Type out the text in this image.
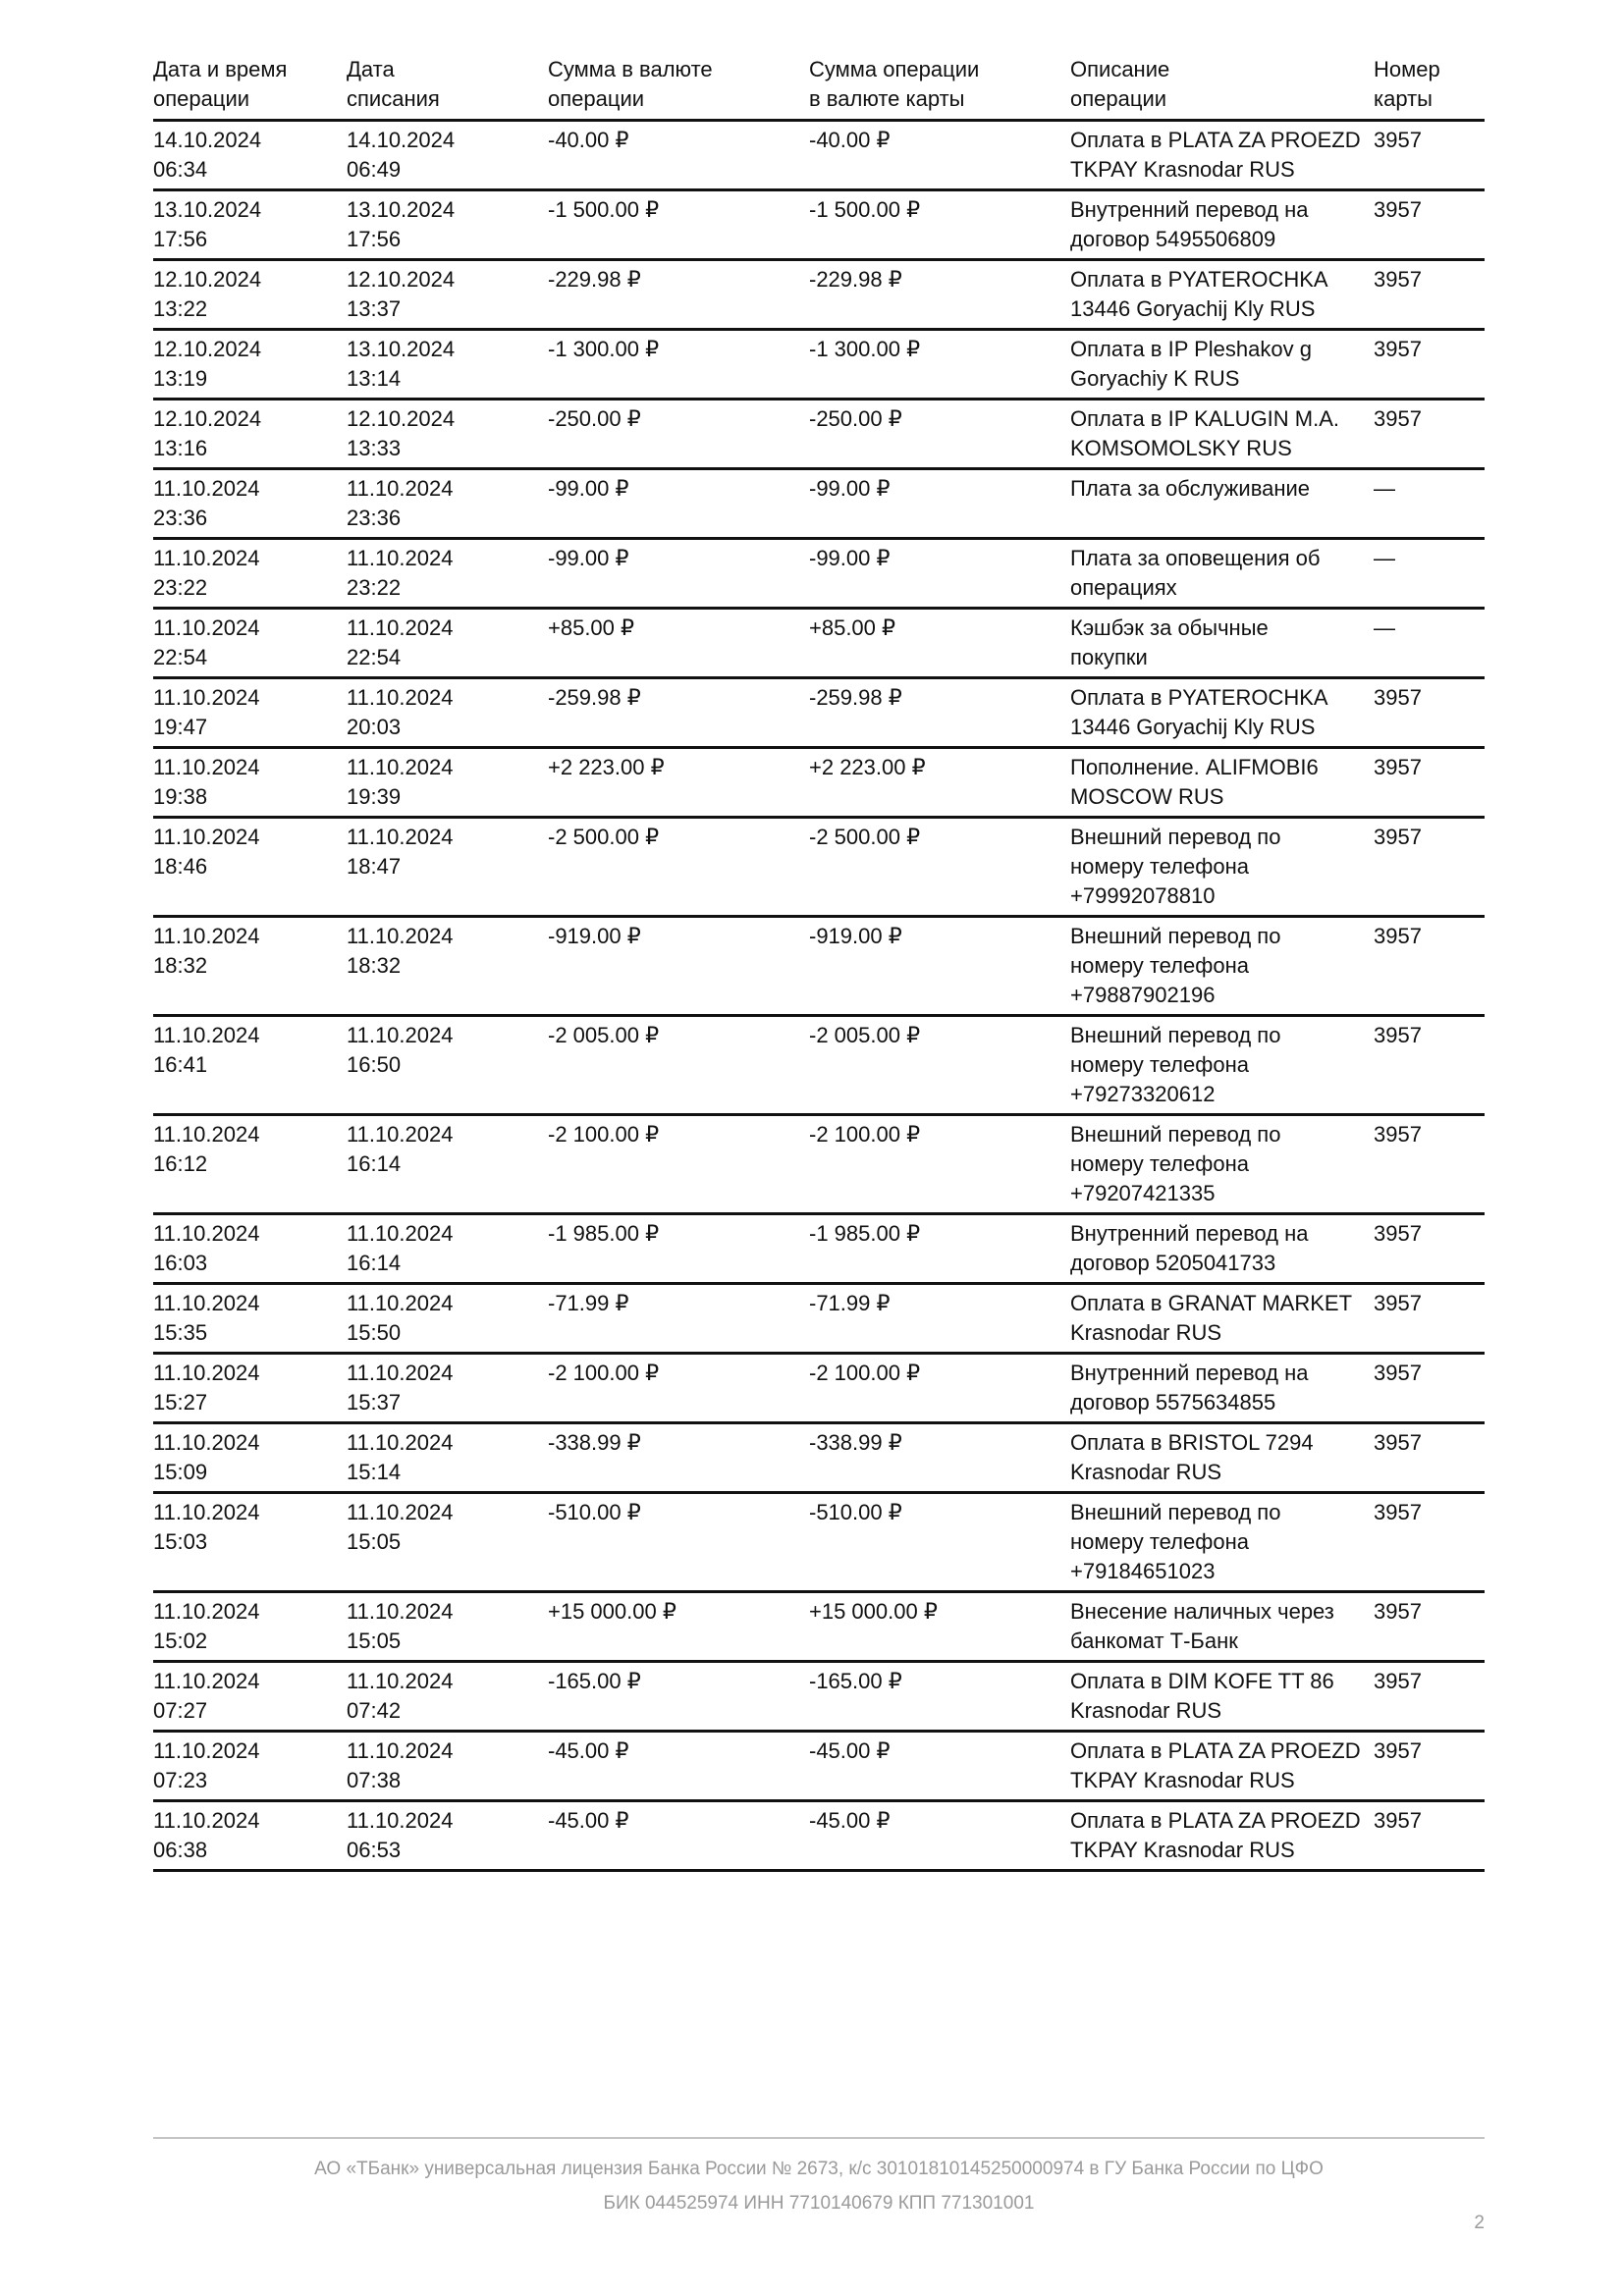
Дата и время
операции	Дата
списания	Сумма в валюте
операции	Сумма операции
в валюте карты	Описание
операции	Номер
карты
14.10.2024
06:34	14.10.2024
06:49	-40.00 ₽	-40.00 ₽	Оплата в PLATA ZA PROEZD
TKPAY Krasnodar RUS	3957
13.10.2024
17:56	13.10.2024
17:56	-1 500.00 ₽	-1 500.00 ₽	Внутренний перевод на
договор 5495506809	3957
12.10.2024
13:22	12.10.2024
13:37	-229.98 ₽	-229.98 ₽	Оплата в PYATEROCHKA
13446 Goryachij Kly RUS	3957
12.10.2024
13:19	13.10.2024
13:14	-1 300.00 ₽	-1 300.00 ₽	Оплата в IP Pleshakov g
Goryachiy K RUS	3957
12.10.2024
13:16	12.10.2024
13:33	-250.00 ₽	-250.00 ₽	Оплата в IP KALUGIN M.A.
KOMSOMOLSKY RUS	3957
11.10.2024
23:36	11.10.2024
23:36	-99.00 ₽	-99.00 ₽	Плата за обслуживание	—
11.10.2024
23:22	11.10.2024
23:22	-99.00 ₽	-99.00 ₽	Плата за оповещения об
операциях	—
11.10.2024
22:54	11.10.2024
22:54	+85.00 ₽	+85.00 ₽	Кэшбэк за обычные
покупки	—
11.10.2024
19:47	11.10.2024
20:03	-259.98 ₽	-259.98 ₽	Оплата в PYATEROCHKA
13446 Goryachij Kly RUS	3957
11.10.2024
19:38	11.10.2024
19:39	+2 223.00 ₽	+2 223.00 ₽	Пополнение. ALIFMOBI6
MOSCOW RUS	3957
11.10.2024
18:46	11.10.2024
18:47	-2 500.00 ₽	-2 500.00 ₽	Внешний перевод по
номеру телефона
+79992078810	3957
11.10.2024
18:32	11.10.2024
18:32	-919.00 ₽	-919.00 ₽	Внешний перевод по
номеру телефона
+79887902196	3957
11.10.2024
16:41	11.10.2024
16:50	-2 005.00 ₽	-2 005.00 ₽	Внешний перевод по
номеру телефона
+79273320612	3957
11.10.2024
16:12	11.10.2024
16:14	-2 100.00 ₽	-2 100.00 ₽	Внешний перевод по
номеру телефона
+79207421335	3957
11.10.2024
16:03	11.10.2024
16:14	-1 985.00 ₽	-1 985.00 ₽	Внутренний перевод на
договор 5205041733	3957
11.10.2024
15:35	11.10.2024
15:50	-71.99 ₽	-71.99 ₽	Оплата в GRANAT MARKET
Krasnodar RUS	3957
11.10.2024
15:27	11.10.2024
15:37	-2 100.00 ₽	-2 100.00 ₽	Внутренний перевод на
договор 5575634855	3957
11.10.2024
15:09	11.10.2024
15:14	-338.99 ₽	-338.99 ₽	Оплата в BRISTOL 7294
Krasnodar RUS	3957
11.10.2024
15:03	11.10.2024
15:05	-510.00 ₽	-510.00 ₽	Внешний перевод по
номеру телефона
+79184651023	3957
11.10.2024
15:02	11.10.2024
15:05	+15 000.00 ₽	+15 000.00 ₽	Внесение наличных через
банкомат Т-Банк	3957
11.10.2024
07:27	11.10.2024
07:42	-165.00 ₽	-165.00 ₽	Оплата в DIM KOFE TT 86
Krasnodar RUS	3957
11.10.2024
07:23	11.10.2024
07:38	-45.00 ₽	-45.00 ₽	Оплата в PLATA ZA PROEZD
TKPAY Krasnodar RUS	3957
11.10.2024
06:38	11.10.2024
06:53	-45.00 ₽	-45.00 ₽	Оплата в PLATA ZA PROEZD
TKPAY Krasnodar RUS	3957
АО «ТБанк» универсальная лицензия Банка России № 2673, к/с 30101810145250000974 в ГУ Банка России по ЦФО
БИК 044525974 ИНН 7710140679 КПП 771301001
2
